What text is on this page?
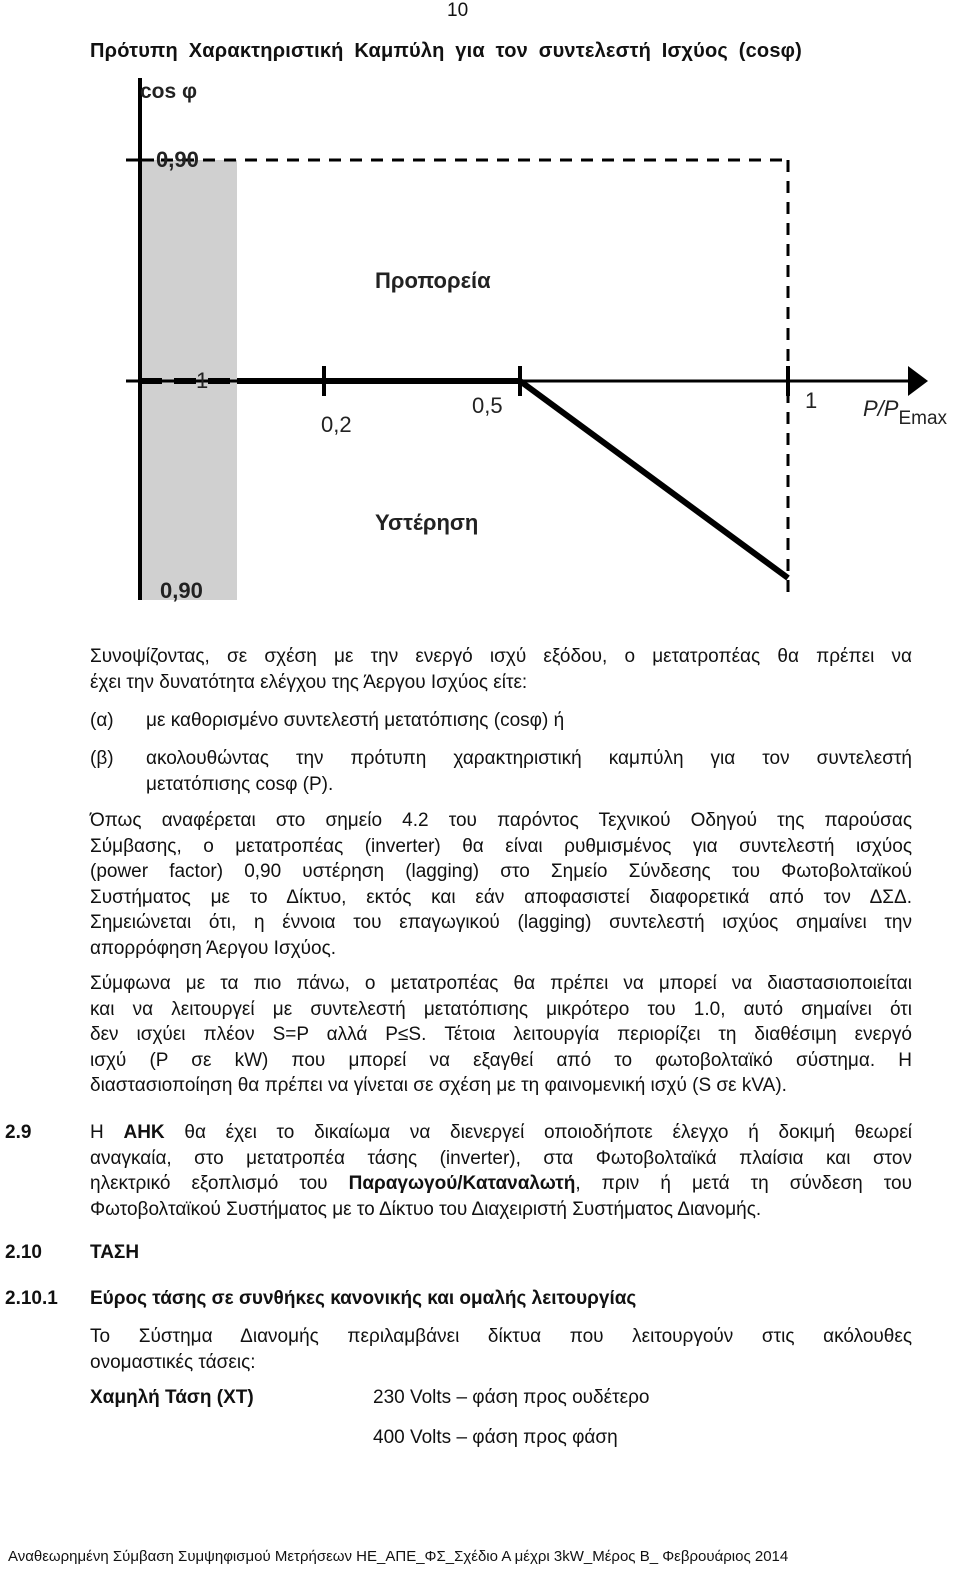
10
Πρότυπη Χαρακτηριστική Καμπύλη για τον συντελεστή Ισχύος (cosφ)
cos φ
0,90
1
0,90
0,2
0,5	1 P/PEmax
Προπορεία
Υστέρηση
Συνοψίζοντας, σε σχέση με την ενεργό ισχύ εξόδου, ο μετατροπέας θα πρέπει να
έχει την δυνατότητα ελέγχου της Άεργου Ισχύος είτε:
(α) με καθορισμένο συντελεστή μετατόπισης (cosφ) ή
(β) ακολουθώντας την πρότυπη χαρακτηριστική καμπύλη για τον συντελεστή
μετατόπισης cosφ (P).
Όπως αναφέρεται στο σημείο 4.2 του παρόντος Τεχνικού Οδηγού της παρούσας
Σύμβασης, ο μετατροπέας (inverter) θα είναι ρυθμισμένος για συντελεστή ισχύος
(power factor) 0,90 υστέρηση (lagging) στο Σημείο Σύνδεσης του Φωτοβολταϊκού
Συστήματος με το Δίκτυο, εκτός και εάν αποφασιστεί διαφορετικά από τον ΔΣΔ.
Σημειώνεται ότι, η έννοια του επαγωγικού (lagging) συντελεστή ισχύος σημαίνει την
απορρόφηση Άεργου Ισχύος.
Σύμφωνα με τα πιο πάνω, ο μετατροπέας θα πρέπει να μπορεί να διαστασιοποιείται
και να λειτουργεί με συντελεστή μετατόπισης μικρότερο του 1.0, αυτό σημαίνει ότι
δεν ισχύει πλέον S=P αλλά P≤S. Τέτοια λειτουργία περιορίζει τη διαθέσιμη ενεργό
ισχύ (P σε kW) που μπορεί να εξαγθεί από το φωτοβολταϊκό σύστημα. Η
διαστασιοποίηση θα πρέπει να γίνεται σε σχέση με τη φαινομενική ισχύ (S σε kVA).
2.9	Η ΑΗΚ θα έχει το δικαίωμα να διενεργεί οποιοδήποτε έλεγχο ή δοκιμή θεωρεί
αναγκαία, στο μετατροπέα τάσης (inverter), στα Φωτοβολταϊκά πλαίσια και στον
ηλεκτρικό εξοπλισμό του Παραγωγού/Καταναλωτή, πριν ή μετά τη σύνδεση του
Φωτοβολταϊκού Συστήματος με το Δίκτυο του Διαχειριστή Συστήματος Διανομής.
2.10	ΤΑΣΗ
2.10.1 Εύρος τάσης σε συνθήκες κανονικής και ομαλής λειτουργίας
Το Σύστημα Διανομής περιλαμβάνει δίκτυα που λειτουργούν στις ακόλουθες
ονομαστικές τάσεις:
Χαμηλή Τάση (ΧΤ)	230 Volts – φάση προς ουδέτερο
400 Volts – φάση προς φάση
Αναθεωρημένη Σύμβαση Συμψηφισμού Μετρήσεων ΗΕ_ΑΠΕ_ΦΣ_Σχέδιο Α μέχρι 3kW_Μέρος Β_ Φεβρουάριος 2014
